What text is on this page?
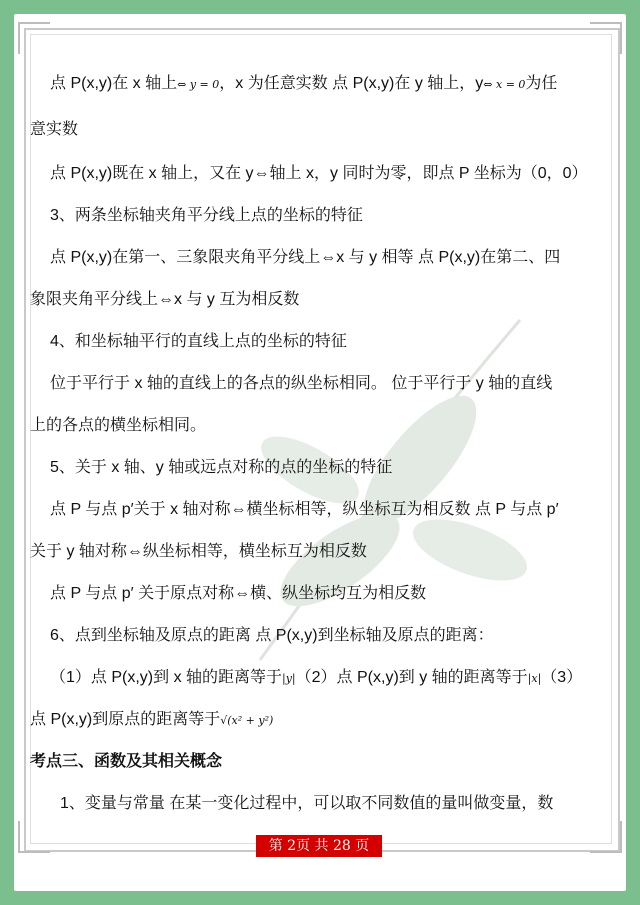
点 P(x,y)在 x 轴上⇔ y = 0，x 为任意实数 点 P(x,y)在 y 轴上，y⇔ x = 0为任
意实数
点 P(x,y)既在 x 轴上，又在 y⇔轴上 x，y 同时为零，即点 P 坐标为（0，0）
3、两条坐标轴夹角平分线上点的坐标的特征
点 P(x,y)在第一、三象限夹角平分线上⇔x 与 y 相等 点 P(x,y)在第二、四
象限夹角平分线上⇔x 与 y 互为相反数
4、和坐标轴平行的直线上点的坐标的特征
位于平行于 x 轴的直线上的各点的纵坐标相同。 位于平行于 y 轴的直线
上的各点的横坐标相同。
5、关于 x 轴、y 轴或远点对称的点的坐标的特征
点 P 与点 p′关于 x 轴对称⇔横坐标相等，纵坐标互为相反数 点 P 与点 p′
关于 y 轴对称⇔纵坐标相等，横坐标互为相反数
点 P 与点 p′ 关于原点对称⇔横、纵坐标均互为相反数
6、点到坐标轴及原点的距离 点 P(x,y)到坐标轴及原点的距离：
（1）点 P(x,y)到 x 轴的距离等于|y|（2）点 P(x,y)到 y 轴的距离等于|x|（3）
点 P(x,y)到原点的距离等于√(x² + y²)
考点三、函数及其相关概念
1、变量与常量 在某一变化过程中，可以取不同数值的量叫做变量，数
第 2页 共 28 页
头条 @轻轻110
